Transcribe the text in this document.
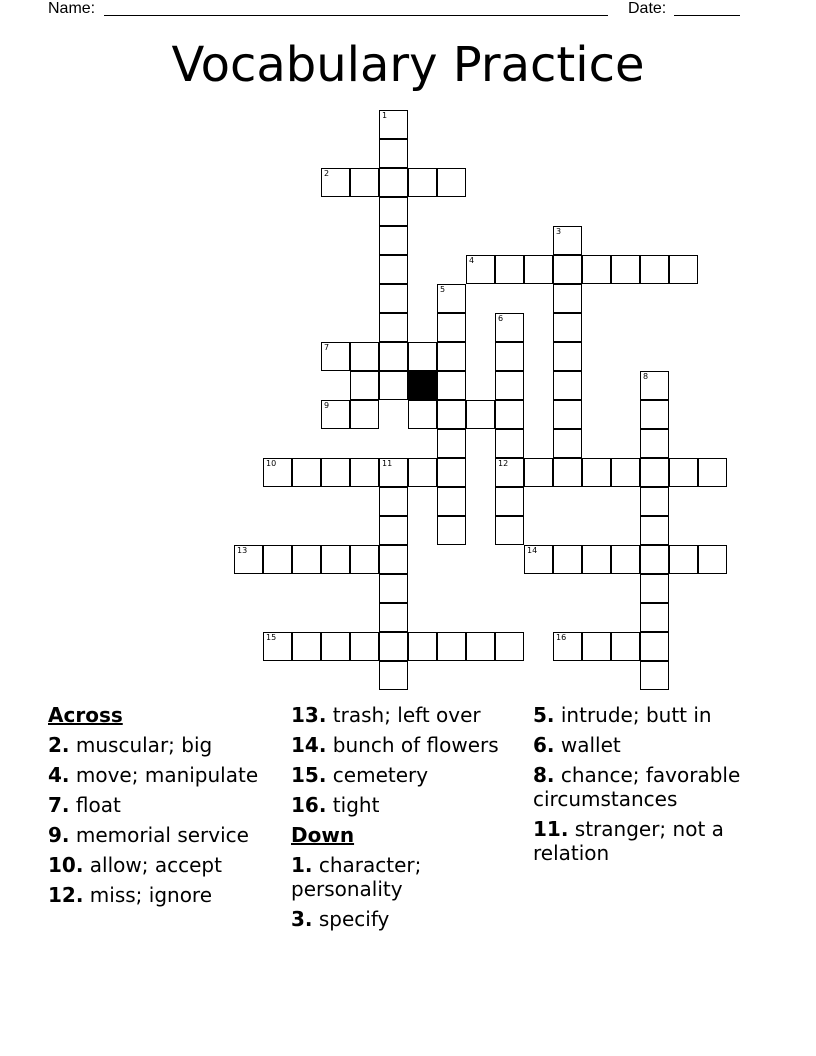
Name:	Date:
Vocabulary Practice
1
2
3
4
5
6
7
8
9
10	11	12
13	14
15	16
Across
2. muscular; big
4. move; manipulate
7. float
9. memorial service
10. allow; accept
12. miss; ignore
13. trash; left over
14. bunch of flowers
15. cemetery
16. tight
Down
1. character; personality
3. specify
5. intrude; butt in
6. wallet
8. chance; favorable circumstances
11. stranger; not a relation
